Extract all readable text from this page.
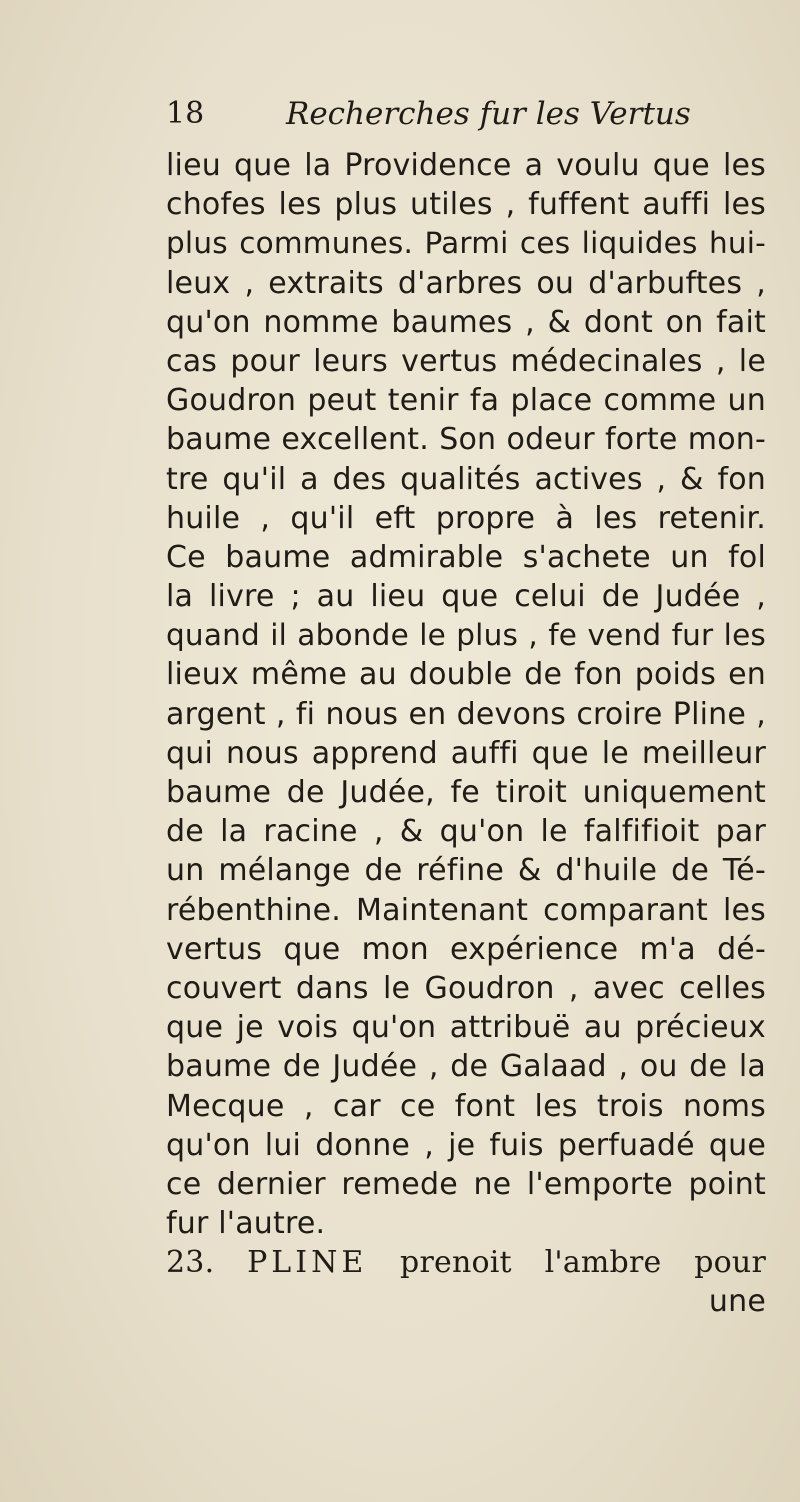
18	Recherches fur les Vertus
lieu que la Providence a voulu que les
chofes les plus utiles , fuffent auffi les
plus communes. Parmi ces liquides hui-
leux , extraits d'arbres ou d'arbuftes ,
qu'on nomme baumes , & dont on fait
cas pour leurs vertus médecinales , le
Goudron peut tenir fa place comme un
baume excellent. Son odeur forte mon-
tre qu'il a des qualités actives , & fon
huile , qu'il eft propre à les retenir.
Ce baume admirable s'achete un fol
la livre ; au lieu que celui de Judée ,
quand il abonde le plus , fe vend fur les
lieux même au double de fon poids en
argent , fi nous en devons croire Pline ,
qui nous apprend auffi que le meilleur
baume de Judée, fe tiroit uniquement
de la racine , & qu'on le falfifioit par
un mélange de réfine & d'huile de Té-
rébenthine. Maintenant comparant les
vertus que mon expérience m'a dé-
couvert dans le Goudron , avec celles
que je vois qu'on attribuë au précieux
baume de Judée , de Galaad , ou de la
Mecque , car ce font les trois noms
qu'on lui donne , je fuis perfuadé que
ce dernier remede ne l'emporte point
fur l'autre.
23. PLINE prenoit l'ambre pour
une
